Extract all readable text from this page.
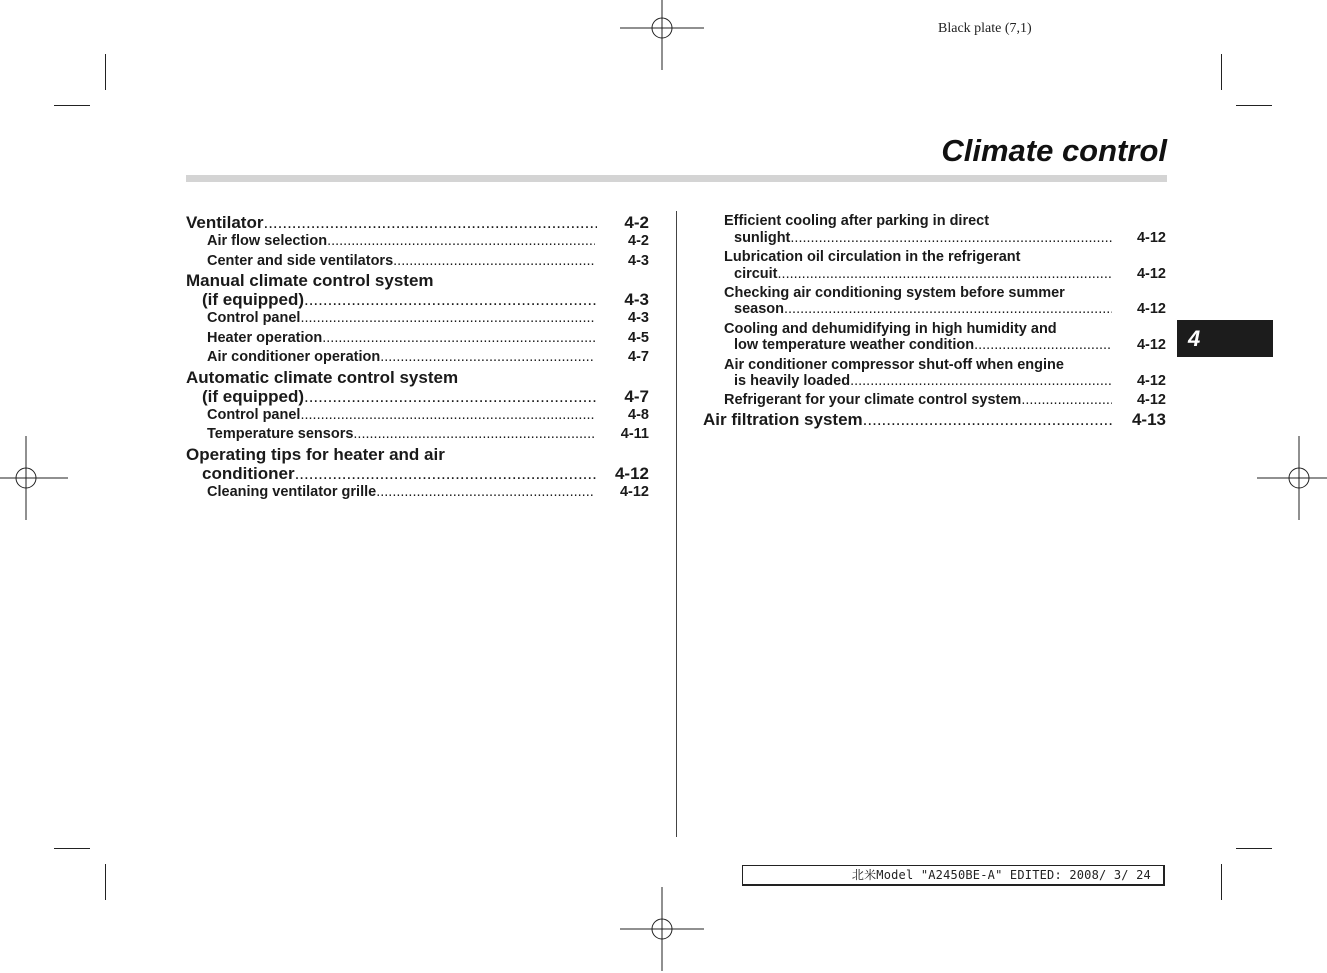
Black plate (7,1)
Climate control
Ventilator .....	4-2
Air flow selection .....	4-2
Center and side ventilators .....	4-3
Manual climate control system
(if equipped) .....	4-3
Control panel .....	4-3
Heater operation .....	4-5
Air conditioner operation .....	4-7
Automatic climate control system
(if equipped) .....	4-7
Control panel .....	4-8
Temperature sensors .....	4-11
Operating tips for heater and air
conditioner .....	4-12
Cleaning ventilator grille .....	4-12
Efficient cooling after parking in direct
sunlight .....	4-12
Lubrication oil circulation in the refrigerant
circuit .....	4-12
Checking air conditioning system before summer
season .....	4-12
Cooling and dehumidifying in high humidity and
low temperature weather condition .....	4-12
Air conditioner compressor shut-off when engine
is heavily loaded .....	4-12
Refrigerant for your climate control system .....	4-12
Air filtration system .....	4-13
4
北米Model "A2450BE-A" EDITED: 2008/ 3/ 24
